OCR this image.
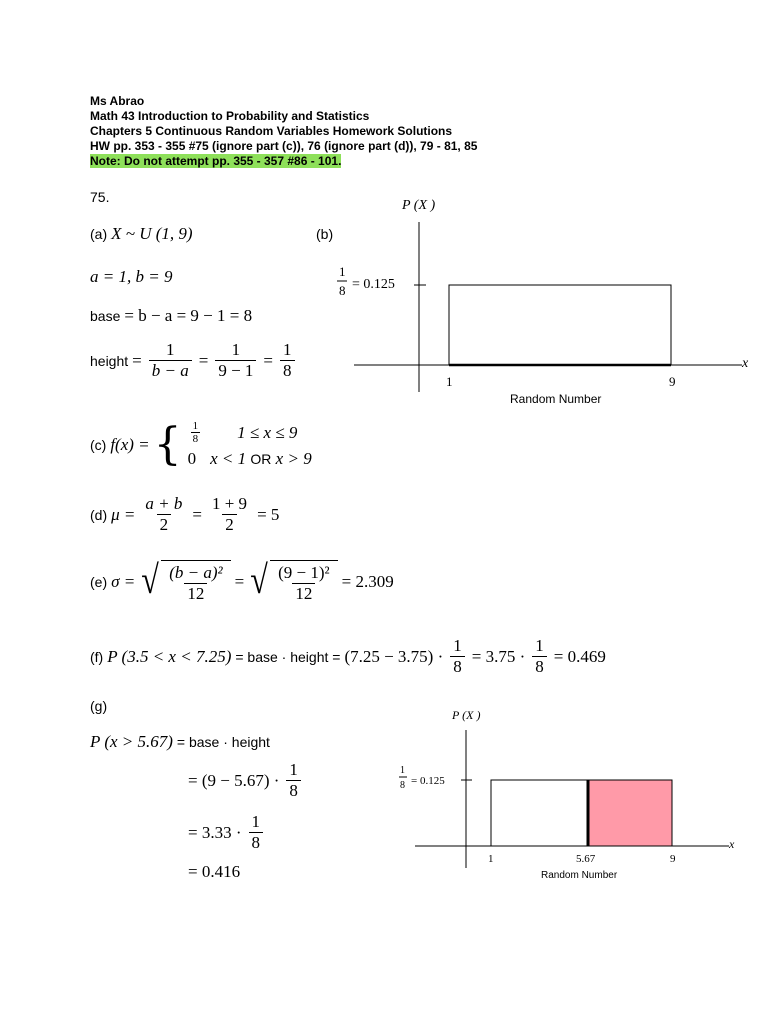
Ms Abrao
Math 43 Introduction to Probability and Statistics
Chapters 5 Continuous Random Variables Homework Solutions
HW pp. 353 - 355 #75 (ignore part (c)), 76 (ignore part (d)), 79 - 81, 85
Note: Do not attempt pp. 355 - 357 #86 - 101.
75.
(a) X ~ U (1, 9)
a = 1, b = 9
base = b − a = 9 − 1 = 8
height = $\frac{1}{b - a} = \frac{1}{9 - 1} = \frac{1}{8}$
(b)
P (X )
x
1
8 = 0.125
1	9
Random Number
(c) f(x) = { $\frac{1}{8} 1 \le x \le 9$
0 x < 1 OR x > 9
(d) $\mu = \frac{a + b}{2} = \frac{1 + 9}{2} = 5$
(e) σ = √ $\frac{\text{(b − a)²}}{12}$ = √ $\frac{\text{(9 − 1)²}}{12} = 2.309$
(f) P (3.5 < x < 7.25) = base · height = $(7.25 - 3.75) \cdot \frac{1}{8} = 3.75 \cdot \frac{1}{8} = 0.469$
(g)
P (x > 5.67) = base · height
= $(9 - 5.67) \cdot \frac{1}{8}$
= $3.33 \cdot \frac{1}{8}$
= 0.416
P (X )
x
1
8 = 0.125
1	5.67	9
Random Number
